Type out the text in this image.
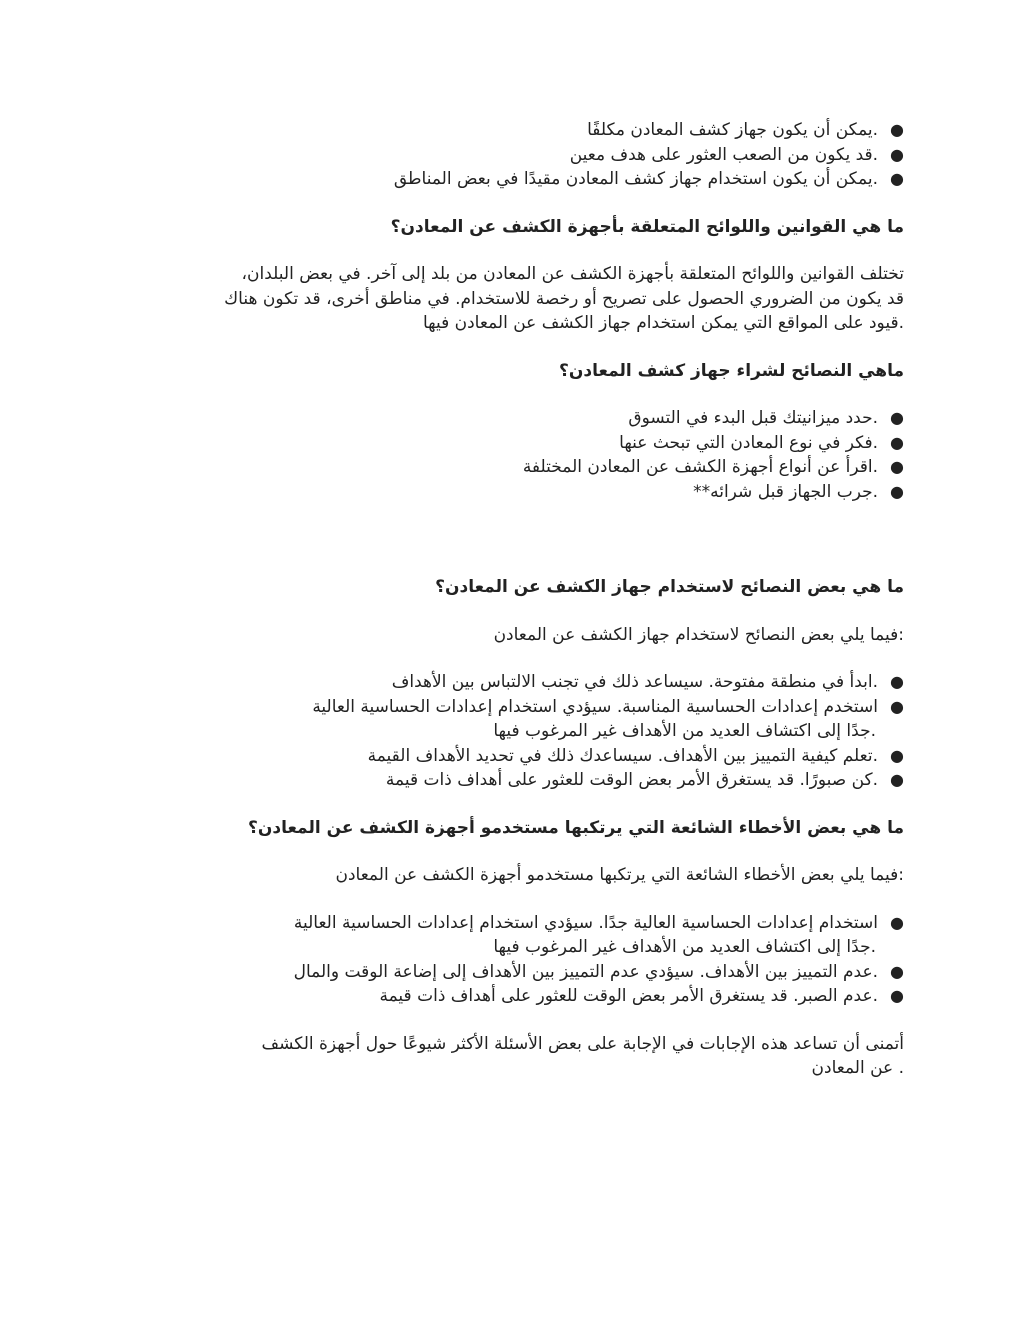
.يمكن أن يكون جهاز كشف المعادن مكلفًا ●
.قد يكون من الصعب العثور على هدف معين ●
.يمكن أن يكون استخدام جهاز كشف المعادن مقيدًا في بعض المناطق ●
ما هي القوانين واللوائح المتعلقة بأجهزة الكشف عن المعادن؟

تختلف القوانين واللوائح المتعلقة بأجهزة الكشف عن المعادن من بلد إلى آخر. في بعض البلدان،
قد يكون من الضروري الحصول على تصريح أو رخصة للاستخدام. في مناطق أخرى، قد تكون هناك
.قيود على المواقع التي يمكن استخدام جهاز الكشف عن المعادن فيها

ماهي النصائح لشراء جهاز كشف المعادن؟
.حدد ميزانيتك قبل البدء في التسوق ●
.فكر في نوع المعادن التي تبحث عنها ●
.اقرأ عن أنواع أجهزة الكشف عن المعادن المختلفة ●
.جرب الجهاز قبل شرائه** ●
ما هي بعض النصائح لاستخدام جهاز الكشف عن المعادن؟

:فيما يلي بعض النصائح لاستخدام جهاز الكشف عن المعادن

.ابدأ في منطقة مفتوحة. سيساعد ذلك في تجنب الالتباس بين الأهداف ●
استخدم إعدادات الحساسية المناسبة. سيؤدي استخدام إعدادات الحساسية العالية ●
.جدًا إلى اكتشاف العديد من الأهداف غير المرغوب فيها
.تعلم كيفية التمييز بين الأهداف. سيساعدك ذلك في تحديد الأهداف القيمة ●
.كن صبورًا. قد يستغرق الأمر بعض الوقت للعثور على أهداف ذات قيمة ●
ما هي بعض الأخطاء الشائعة التي يرتكبها مستخدمو أجهزة الكشف عن المعادن؟

:فيما يلي بعض الأخطاء الشائعة التي يرتكبها مستخدمو أجهزة الكشف عن المعادن

استخدام إعدادات الحساسية العالية جدًا. سيؤدي استخدام إعدادات الحساسية العالية ●
.جدًا إلى اكتشاف العديد من الأهداف غير المرغوب فيها
.عدم التمييز بين الأهداف. سيؤدي عدم التمييز بين الأهداف إلى إضاعة الوقت والمال ●
.عدم الصبر. قد يستغرق الأمر بعض الوقت للعثور على أهداف ذات قيمة ●

أتمنى أن تساعد هذه الإجابات في الإجابة على بعض الأسئلة الأكثر شيوعًا حول أجهزة الكشف
. عن المعادن
